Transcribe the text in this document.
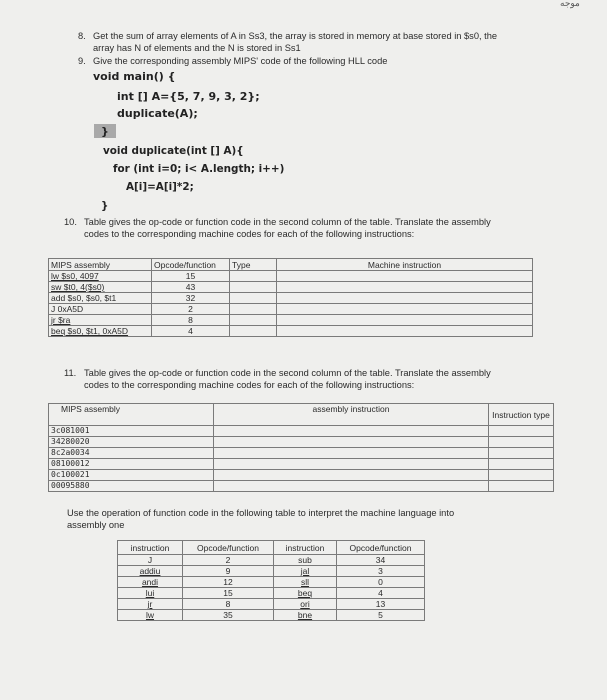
موجه
8. Get the sum of array elements of A in Ss3, the array is stored in memory at base stored in $s0, the
array has N of elements and the N is stored in Ss1
9. Give the corresponding assembly MIPS' code of the following HLL code
void main() {
int [] A={5, 7, 9, 3, 2};
duplicate(A);
}
void duplicate(int [] A){
for (int i=0; i< A.length; i++)
A[i]=A[i]*2;
}
10. Table gives the op-code or function code in the second column of the table. Translate the assembly
codes to the corresponding machine codes for each of the following instructions:
MIPS assembly	Opcode/function	Type	Machine instruction
lw $s0, 4097	15		
sw $t0, 4($s0)	43		
add $s0, $s0, $t1	32		
J 0xA5D	2		
jr $ra	8		
beq $s0, $t1, 0xA5D	4		
11. Table gives the op-code or function code in the second column of the table. Translate the assembly
codes to the corresponding machine codes for each of the following instructions:
MIPS assembly	assembly instruction	Instruction type
3c081001		
34280020		
8c2a0034		
08100012		
0c100021		
00095880		
Use the operation of function code in the following table to interpret the machine language into
assembly one
instruction	Opcode/function	instruction	Opcode/function
J	2	sub	34
addiu	9	jal	3
andi	12	sll	0
lui	15	beq	4
jr	8	ori	13
lw	35	bne	5
